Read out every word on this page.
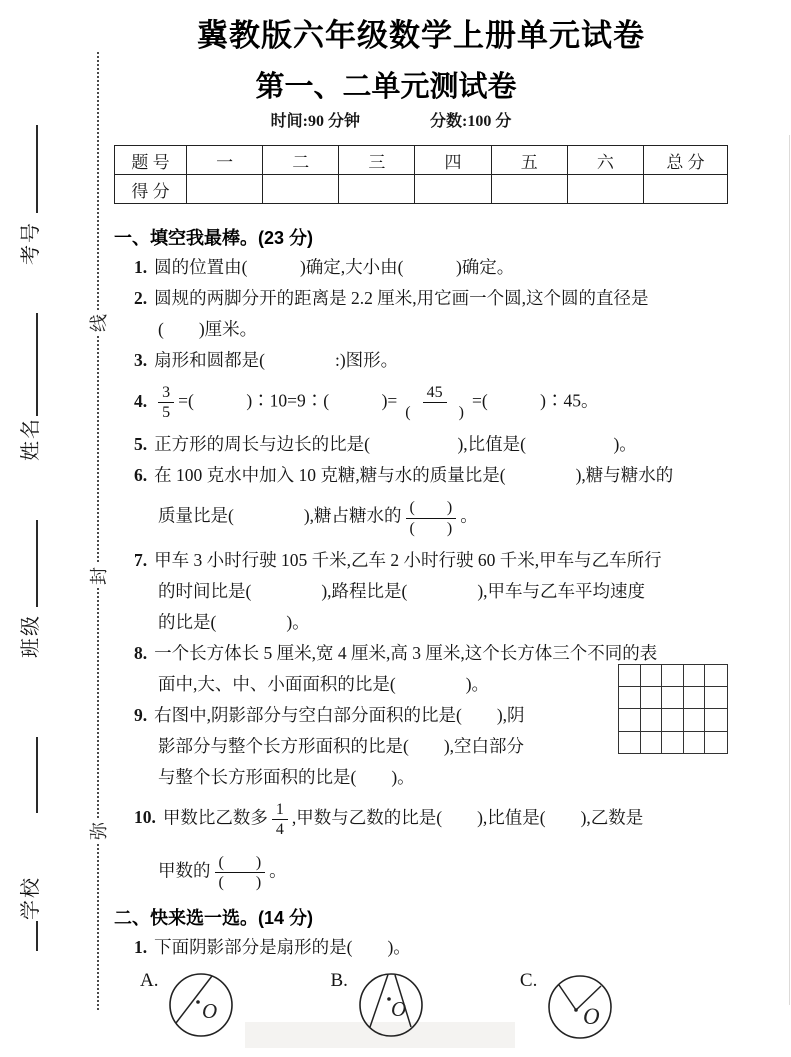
考号
姓名
班级
学校
线
封
弥
冀教版六年级数学上册单元试卷
第一、二单元测试卷
时间:90 分钟	分数:100 分
题 号	一	二	三	四	五	六	总 分
得 分							
一、填空我最棒。(23 分)
1. 圆的位置由(　　　)确定,大小由(　　　)确定。
2. 圆规的两脚分开的距离是 2.2 厘米,用它画一个圆,这个圆的直径是
(　　)厘米。
3. 扇形和圆都是(　　　　:)图形。
4. $\frac{3}{5}$ =(　　　)∶10=9∶(　　　)= $\frac{45}{( )}$ =(　　　)∶45。
5. 正方形的周长与边长的比是(　　　　　),比值是(　　　　　)。
6. 在 100 克水中加入 10 克糖,糖与水的质量比是(　　　　),糖与糖水的
质量比是(　　　　),糖占糖水的 $\frac{( )}{( )}$ 。
7. 甲车 3 小时行驶 105 千米,乙车 2 小时行驶 60 千米,甲车与乙车所行
的时间比是(　　　　),路程比是(　　　　),甲车与乙车平均速度
的比是(　　　　)。
8. 一个长方体长 5 厘米,宽 4 厘米,高 3 厘米,这个长方体三个不同的表
面中,大、中、小面面积的比是(　　　　)。
9. 右图中,阴影部分与空白部分面积的比是(　　),阴
影部分与整个长方形面积的比是(　　),空白部分
与整个长方形面积的比是(　　)。
10. 甲数比乙数多 $\frac{1}{4}$ ,甲数与乙数的比是(　　),比值是(　　),乙数是
甲数的 $\frac{( )}{( )}$ 。
二、快来选一选。(14 分)
1. 下面阴影部分是扇形的是(　　)。
A.
O
B.
O
C.
O
